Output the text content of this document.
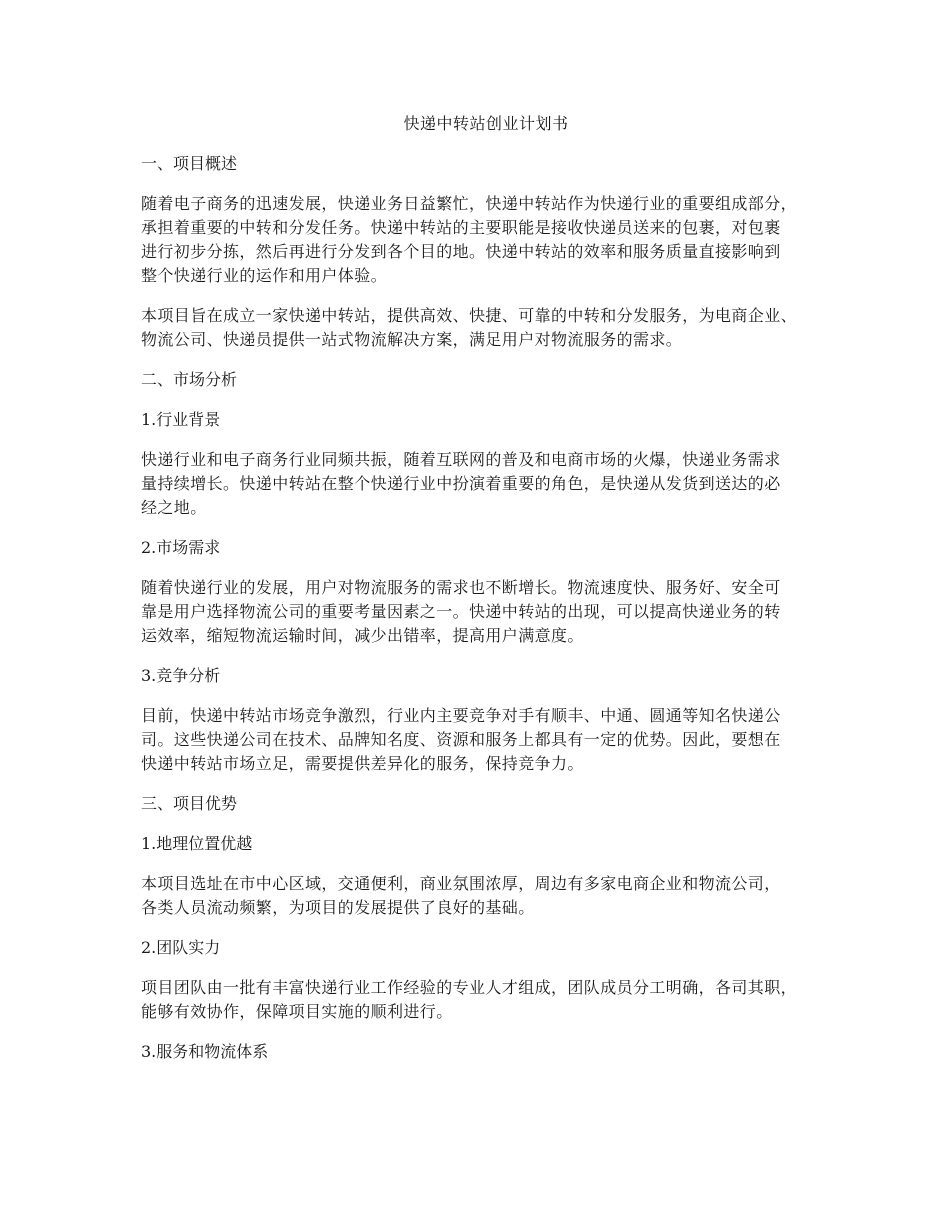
快递中转站创业计划书
一、项目概述
随着电子商务的迅速发展，快递业务日益繁忙，快递中转站作为快递行业的重要组成部分，
承担着重要的中转和分发任务。快递中转站的主要职能是接收快递员送来的包裹，对包裹
进行初步分拣，然后再进行分发到各个目的地。快递中转站的效率和服务质量直接影响到
整个快递行业的运作和用户体验。
本项目旨在成立一家快递中转站，提供高效、快捷、可靠的中转和分发服务，为电商企业、
物流公司、快递员提供一站式物流解决方案，满足用户对物流服务的需求。
二、市场分析
1.行业背景
快递行业和电子商务行业同频共振，随着互联网的普及和电商市场的火爆，快递业务需求
量持续增长。快递中转站在整个快递行业中扮演着重要的角色，是快递从发货到送达的必
经之地。
2.市场需求
随着快递行业的发展，用户对物流服务的需求也不断增长。物流速度快、服务好、安全可
靠是用户选择物流公司的重要考量因素之一。快递中转站的出现，可以提高快递业务的转
运效率，缩短物流运输时间，减少出错率，提高用户满意度。
3.竞争分析
目前，快递中转站市场竞争激烈，行业内主要竞争对手有顺丰、中通、圆通等知名快递公
司。这些快递公司在技术、品牌知名度、资源和服务上都具有一定的优势。因此，要想在
快递中转站市场立足，需要提供差异化的服务，保持竞争力。
三、项目优势
1.地理位置优越
本项目选址在市中心区域，交通便利，商业氛围浓厚，周边有多家电商企业和物流公司，
各类人员流动频繁，为项目的发展提供了良好的基础。
2.团队实力
项目团队由一批有丰富快递行业工作经验的专业人才组成，团队成员分工明确，各司其职，
能够有效协作，保障项目实施的顺利进行。
3.服务和物流体系
